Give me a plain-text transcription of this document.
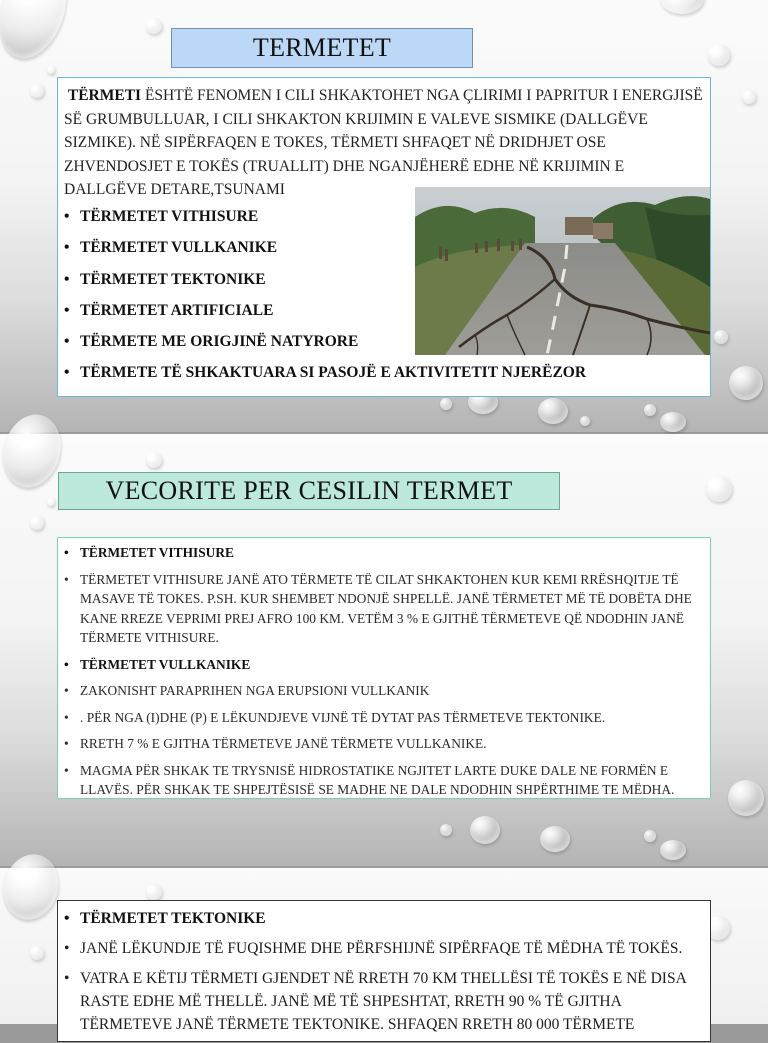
TERMETET

TËRMETI ËSHTË FENOMEN I CILI SHKAKTOHET NGA ÇLIRIMI I PAPRITUR I ENERGJISË SË GRUMBULLUAR, I CILI SHKAKTON KRIJIMIN E VALEVE SISMIKE (DALLGËVE SIZMIKE). NË SIPËRFAQEN E TOKES, TËRMETI SHFAQET NË DRIDHJET OSE ZHVENDOSJET E TOKËS (TRUALLIT) DHE NGANJËHERË EDHE NË KRIJIMIN E DALLGËVE DETARE,TSUNAMI

• TËRMETET VITHISURE
• TËRMETET VULLKANIKE
• TËRMETET TEKTONIKE
• TËRMETET ARTIFICIALE
• TËRMETE ME ORIGJINË NATYRORE
• TËRMETE TË SHKAKTUARA SI PASOJË E AKTIVITETIT NJERËZOR
VECORITE PER CESILIN TERMET
• TËRMETET VITHISURE
• TËRMETET VITHISURE JANË ATO TËRMETE TË CILAT SHKAKTOHEN KUR KEMI RRËSHQITJE TË MASAVE TË TOKES. P.SH. KUR SHEMBET NDONJË SHPELLË. JANË TËRMETET MË TË DOBËTA DHE KANE RREZE VEPRIMI PREJ AFRO 100 KM. VETËM 3 % E GJITHË TËRMETEVE QË NDODHIN JANË TËRMETE VITHISURE.
• TËRMETET VULLKANIKE
• ZAKONISHT PARAPRIHEN NGA ERUPSIONI VULLKANIK
• . PËR NGA (I)DHE (P) E LËKUNDJEVE VIJNË TË DYTAT PAS TËRMETEVE TEKTONIKE.
• RRETH 7 % E GJITHA TËRMETEVE JANË TËRMETE VULLKANIKE.
• MAGMA PËR SHKAK TE TRYSNISË HIDROSTATIKE NGJITET LARTE DUKE DALE NE FORMËN E LLAVËS. PËR SHKAK TE SHPEJTËSISË SE MADHE NE DALE NDODHIN SHPËRTHIME TE MËDHA.
• TËRMETET TEKTONIKE
• JANË LËKUNDJE TË FUQISHME DHE PËRFSHIJNË SIPËRFAQE TË MËDHA TË TOKËS.
• VATRA E KËTIJ TËRMETI GJENDET NË RRETH 70 KM THELLËSI TË TOKËS E NË DISA RASTE EDHE MË THELLË. JANË MË TË SHPESHTAT, RRETH 90 % TË GJITHA TËRMETEVE JANË TËRMETE TEKTONIKE. SHFAQEN RRETH 80 000 TËRMETE
